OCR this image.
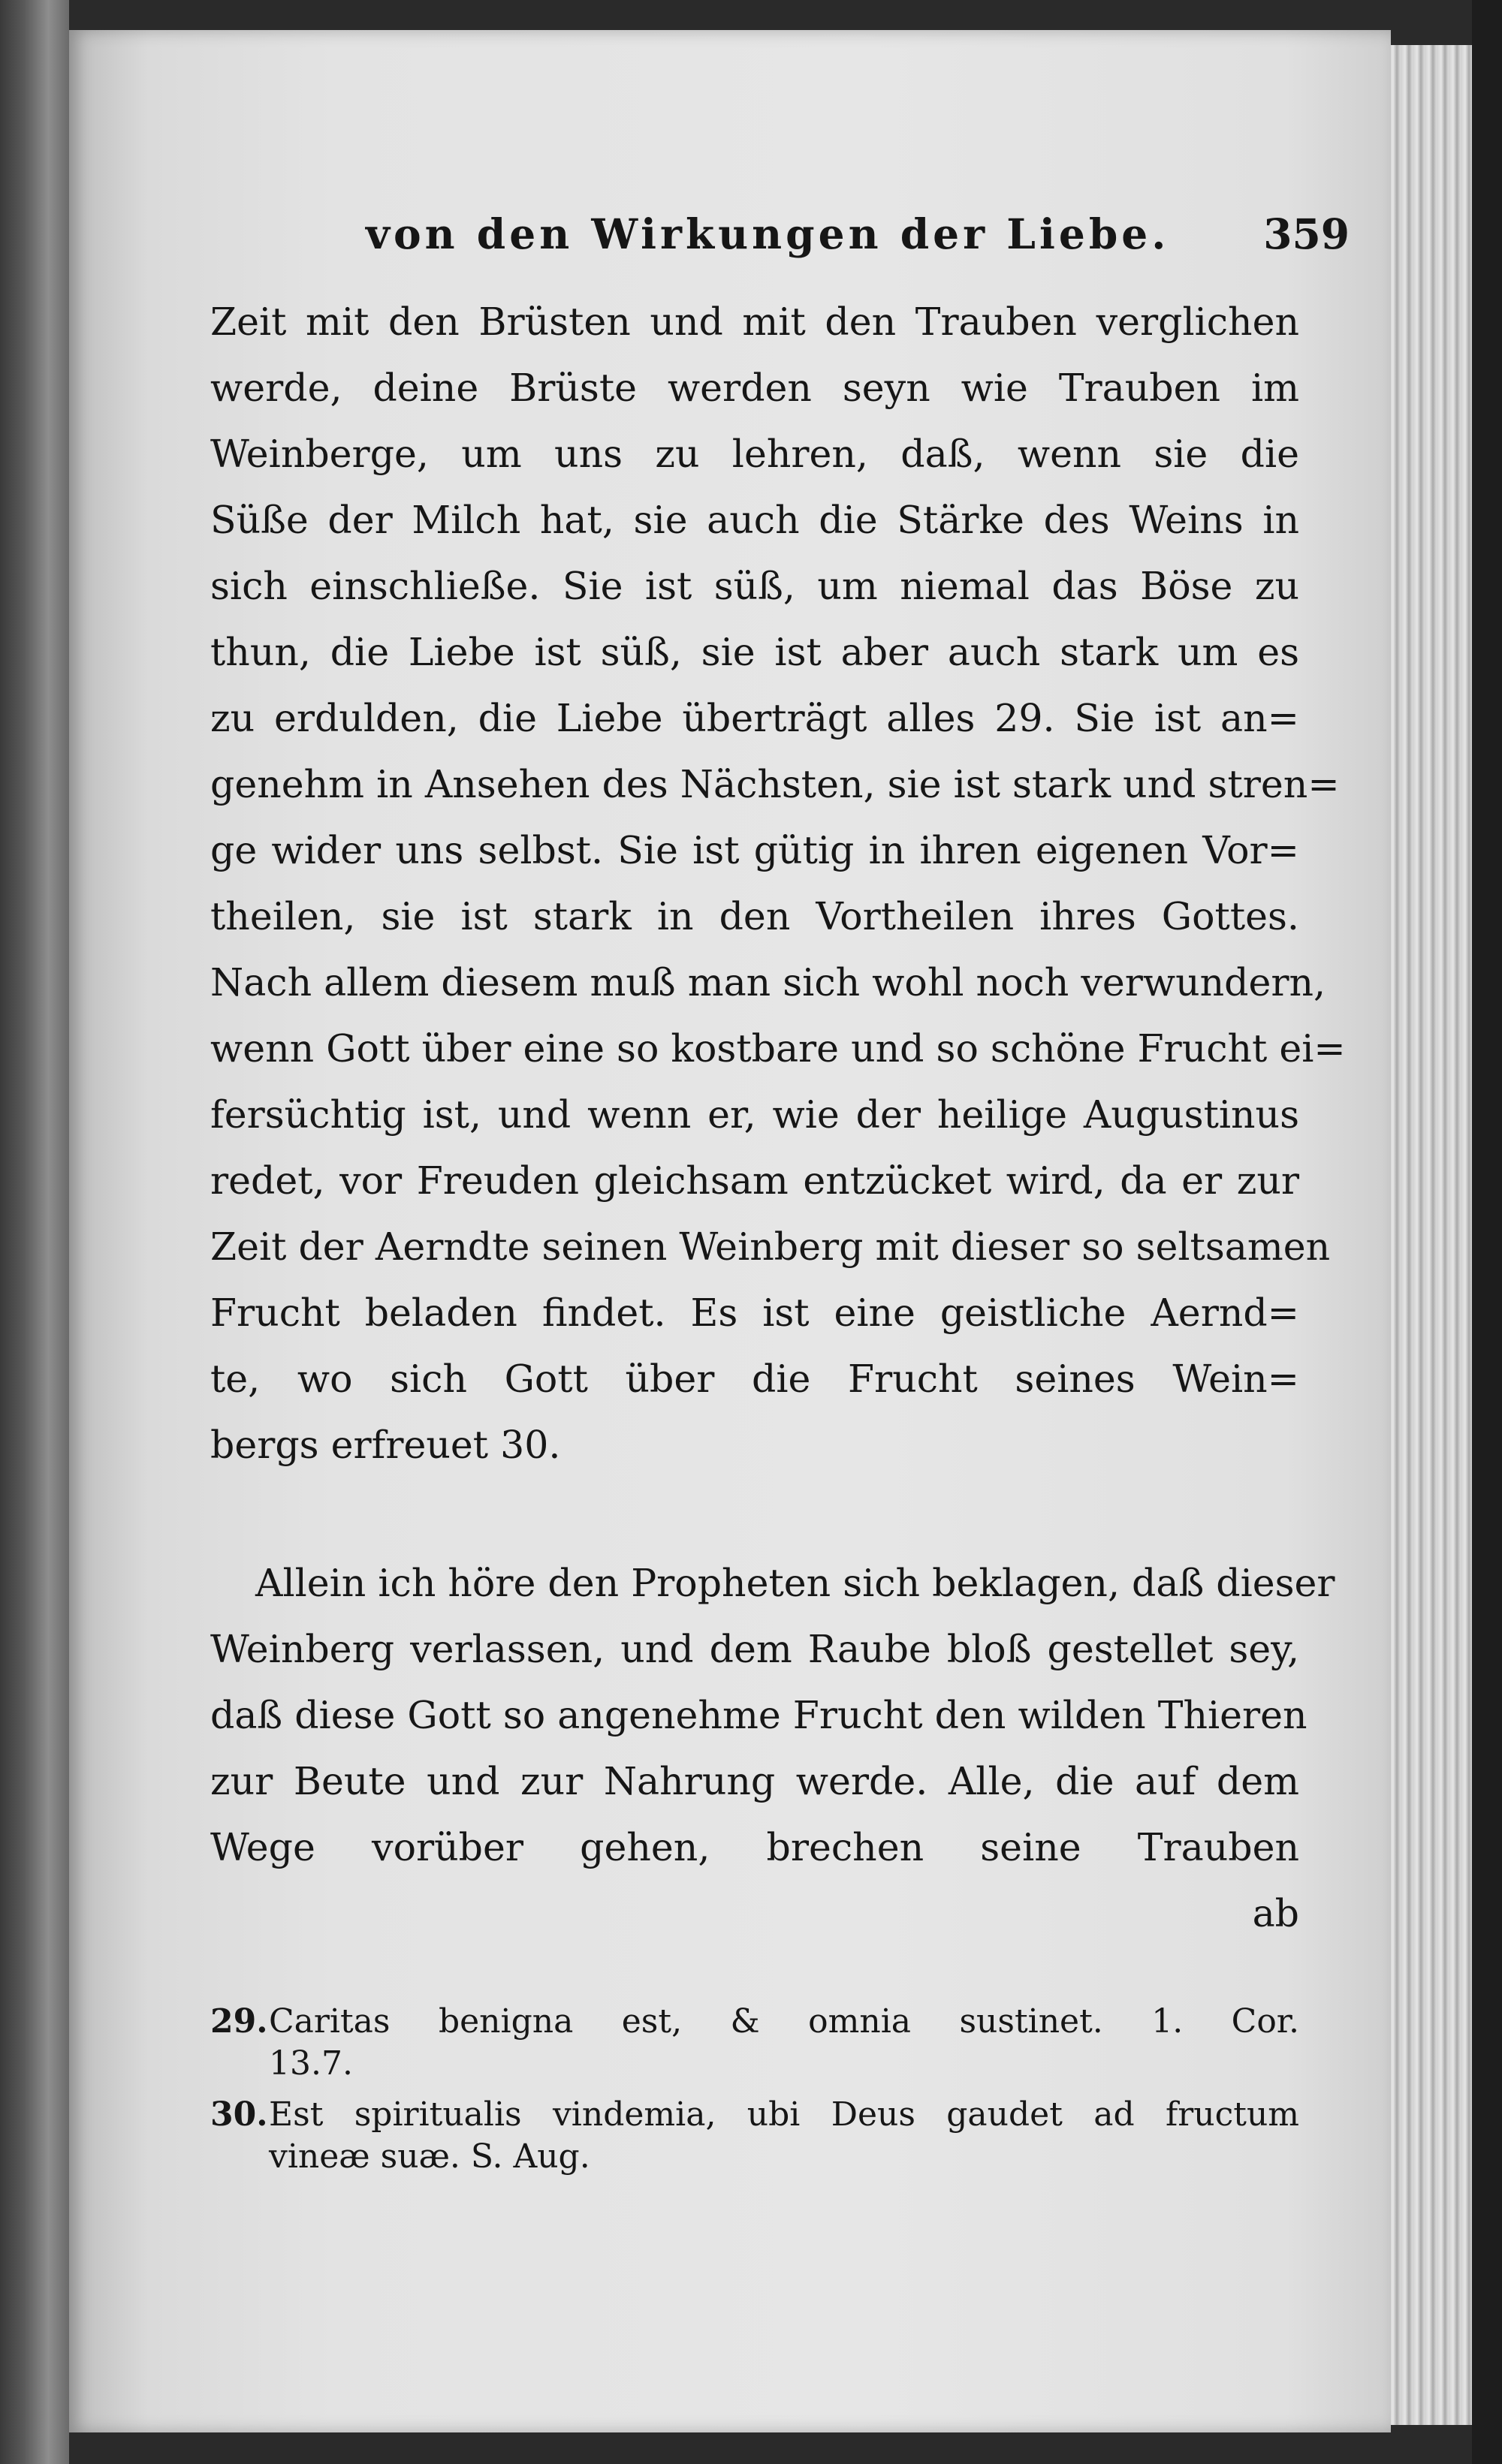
von den Wirkungen der Liebe. 359
Zeit mit den Brüsten und mit den Trauben verglichen
werde, deine Brüste werden seyn wie Trauben im
Weinberge, um uns zu lehren, daß, wenn sie die
Süße der Milch hat, sie auch die Stärke des Weins in
sich einschließe. Sie ist süß, um niemal das Böse zu
thun, die Liebe ist süß, sie ist aber auch stark um es
zu erdulden, die Liebe überträgt alles 29. Sie ist an=
genehm in Ansehen des Nächsten, sie ist stark und stren=
ge wider uns selbst. Sie ist gütig in ihren eigenen Vor=
theilen, sie ist stark in den Vortheilen ihres Gottes.
Nach allem diesem muß man sich wohl noch verwundern,
wenn Gott über eine so kostbare und so schöne Frucht ei=
fersüchtig ist, und wenn er, wie der heilige Augustinus
redet, vor Freuden gleichsam entzücket wird, da er zur
Zeit der Aerndte seinen Weinberg mit dieser so seltsamen
Frucht beladen findet. Es ist eine geistliche Aernd=
te, wo sich Gott über die Frucht seines Wein=
bergs erfreuet 30.
Allein ich höre den Propheten sich beklagen, daß dieser
Weinberg verlassen, und dem Raube bloß gestellet sey,
daß diese Gott so angenehme Frucht den wilden Thieren
zur Beute und zur Nahrung werde. Alle, die auf dem
Wege vorüber gehen, brechen seine Trauben
ab
29. Caritas benigna est, & omnia sustinet. 1. Cor.
13.7.
30. Est spiritualis vindemia, ubi Deus gaudet ad fructum
vineæ suæ. S. Aug.
